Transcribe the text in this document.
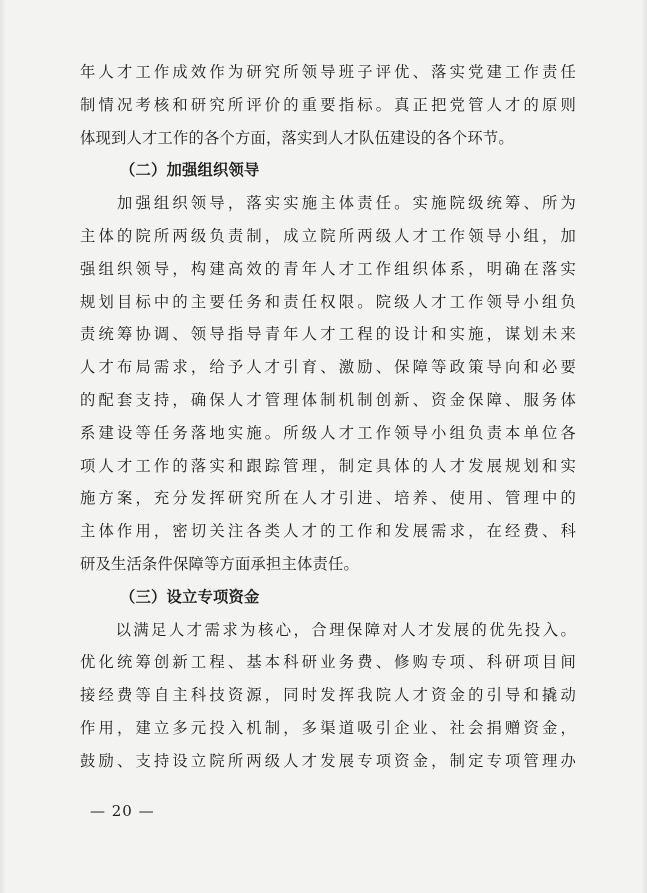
年人才工作成效作为研究所领导班子评优、落实党建工作责任
制情况考核和研究所评价的重要指标。真正把党管人才的原则
体现到人才工作的各个方面，落实到人才队伍建设的各个环节。
（二）加强组织领导
　　加强组织领导，落实实施主体责任。实施院级统筹、所为
主体的院所两级负责制，成立院所两级人才工作领导小组，加
强组织领导，构建高效的青年人才工作组织体系，明确在落实
规划目标中的主要任务和责任权限。院级人才工作领导小组负
责统筹协调、领导指导青年人才工程的设计和实施，谋划未来
人才布局需求，给予人才引育、激励、保障等政策导向和必要
的配套支持，确保人才管理体制机制创新、资金保障、服务体
系建设等任务落地实施。所级人才工作领导小组负责本单位各
项人才工作的落实和跟踪管理，制定具体的人才发展规划和实
施方案，充分发挥研究所在人才引进、培养、使用、管理中的
主体作用，密切关注各类人才的工作和发展需求，在经费、科
研及生活条件保障等方面承担主体责任。
（三）设立专项资金
　　以满足人才需求为核心，合理保障对人才发展的优先投入。
优化统筹创新工程、基本科研业务费、修购专项、科研项目间
接经费等自主科技资源，同时发挥我院人才资金的引导和撬动
作用，建立多元投入机制，多渠道吸引企业、社会捐赠资金，
鼓励、支持设立院所两级人才发展专项资金，制定专项管理办
— 20 —
